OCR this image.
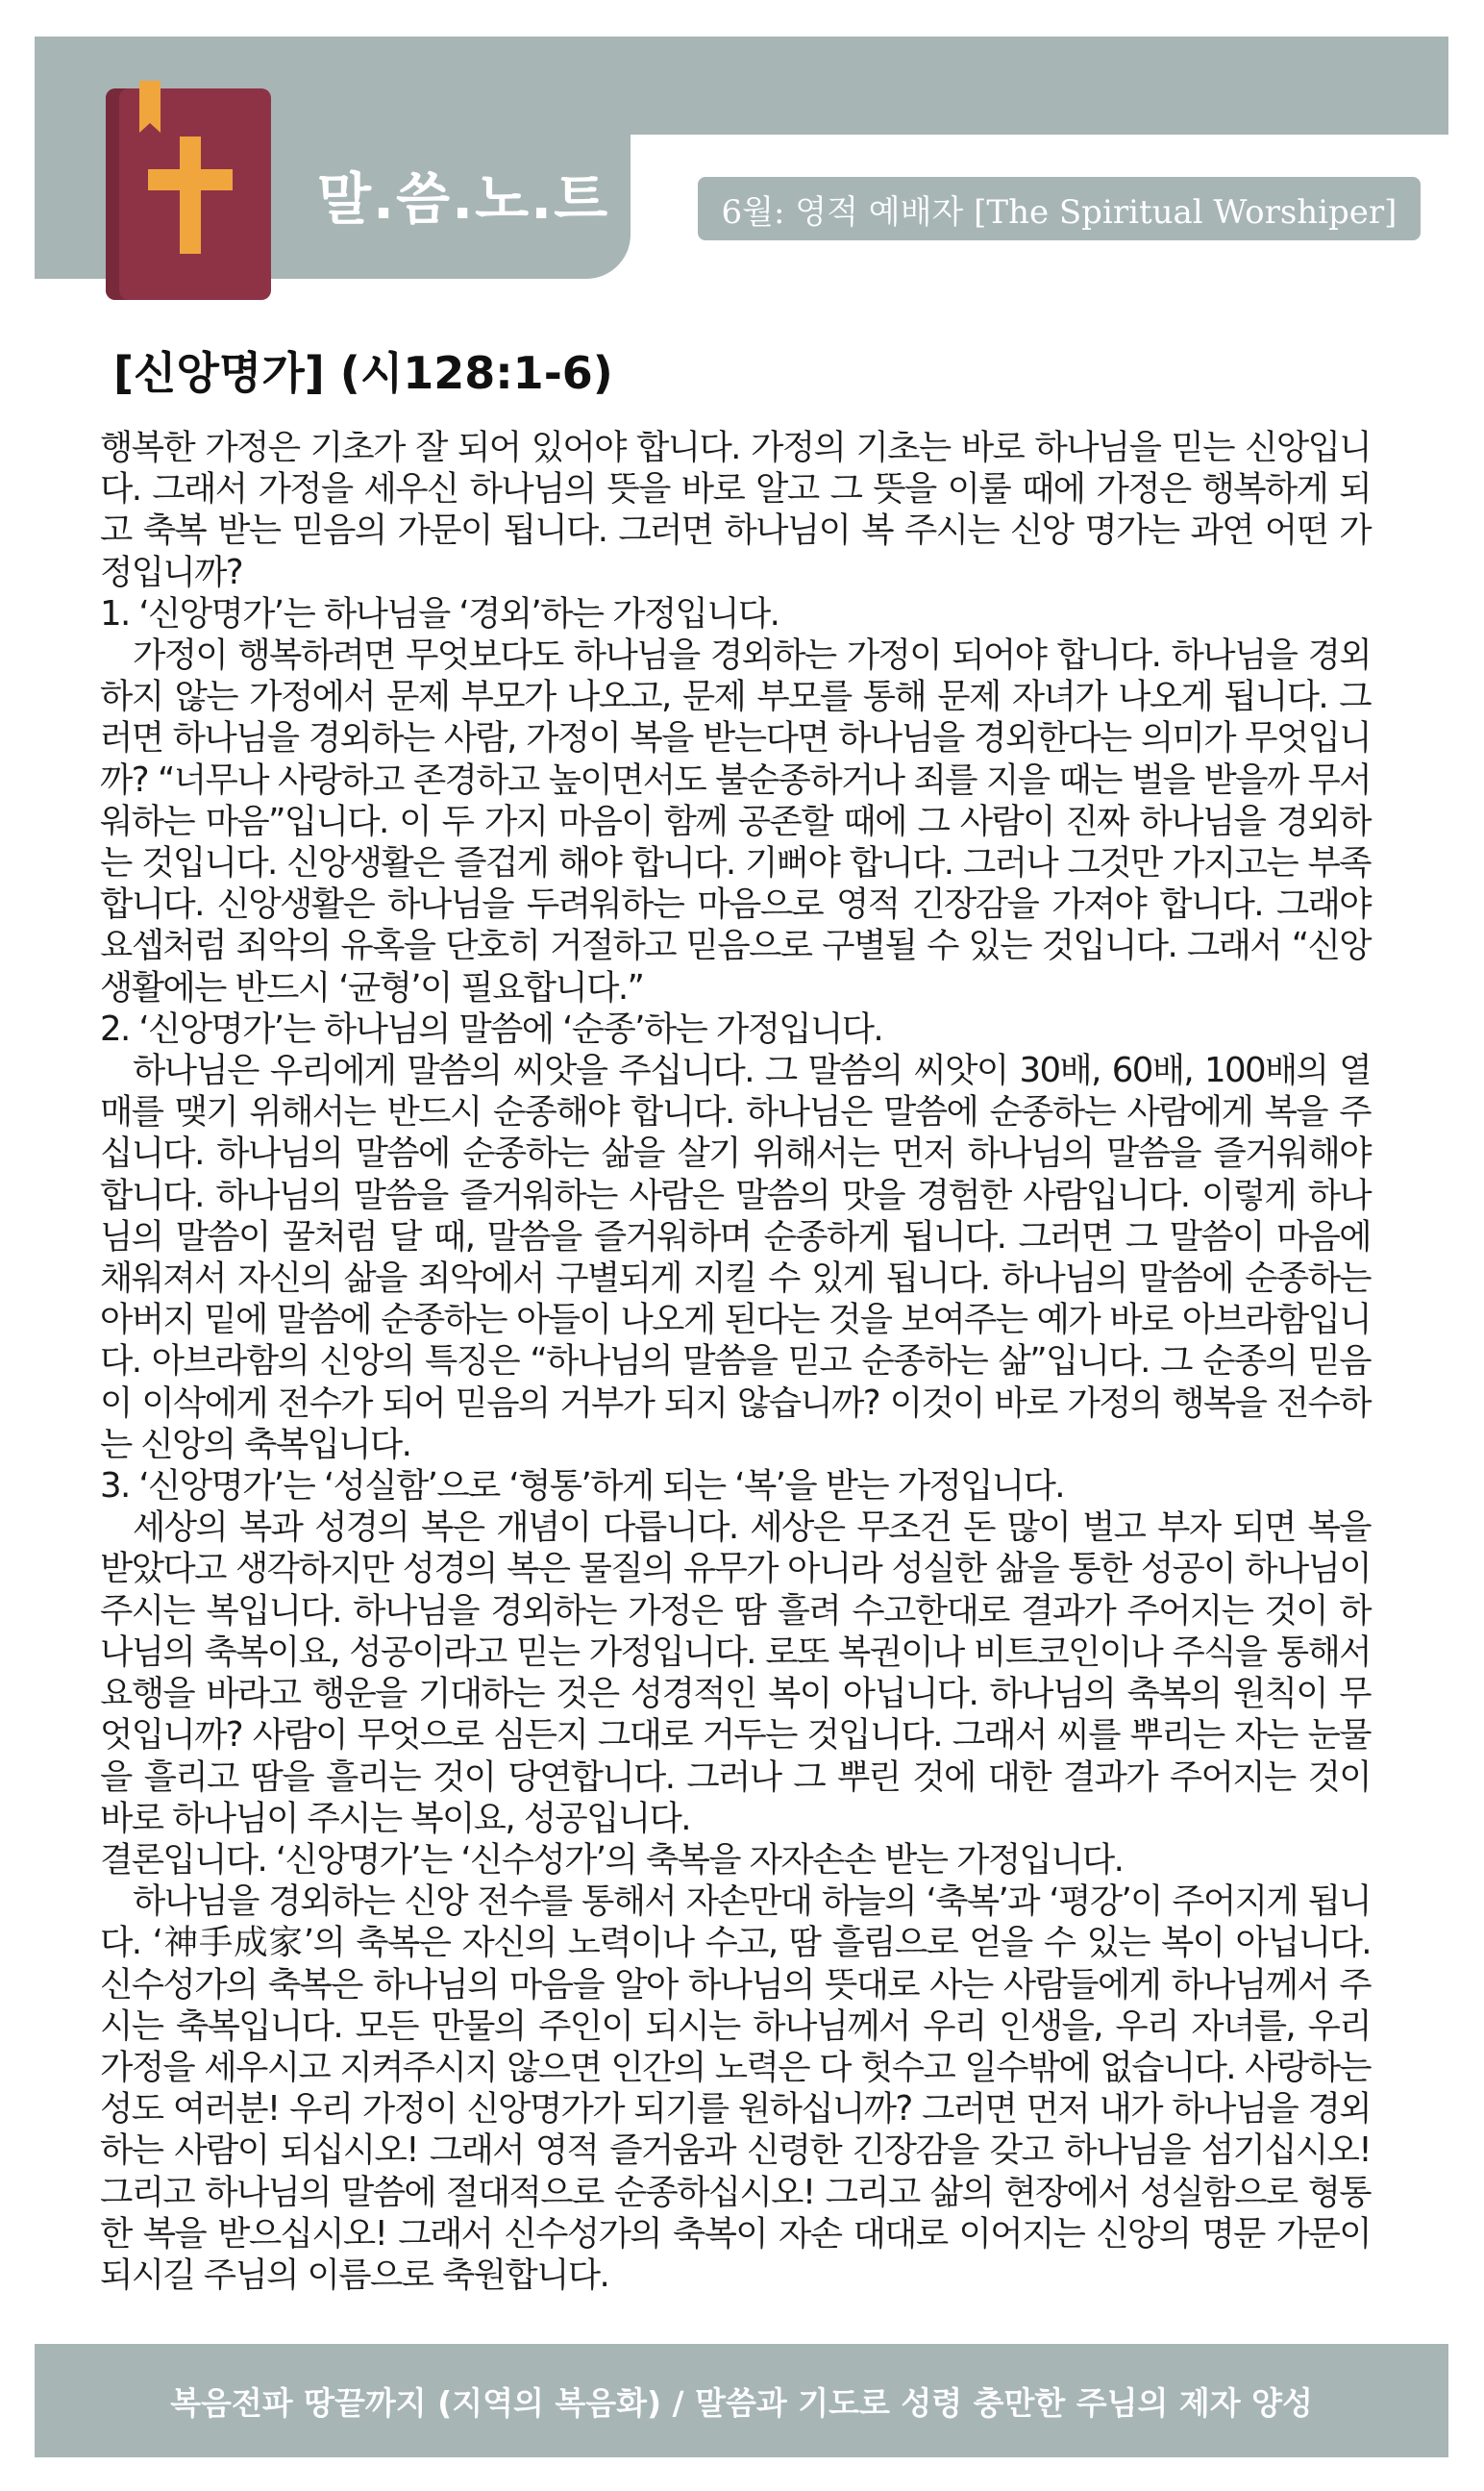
말.씀.노.트	6월: 영적 예배자 [The Spiritual Worshiper]
[신앙명가] (시128:1-6)

행복한 가정은 기초가 잘 되어 있어야 합니다. 가정의 기초는 바로 하나님을 믿는 신앙입니다. 그래서 가정을 세우신 하나님의 뜻을 바로 알고 그 뜻을 이룰 때에 가정은 행복하게 되고 축복 받는 믿음의 가문이 됩니다. 그러면 하나님이 복 주시는 신앙 명가는 과연 어떤 가정입니까?

1. ‘신앙명가’는 하나님을 ‘경외’하는 가정입니다.

가정이 행복하려면 무엇보다도 하나님을 경외하는 가정이 되어야 합니다. 하나님을 경외하지 않는 가정에서 문제 부모가 나오고, 문제 부모를 통해 문제 자녀가 나오게 됩니다. 그러면 하나님을 경외하는 사람, 가정이 복을 받는다면 하나님을 경외한다는 의미가 무엇입니까? “너무나 사랑하고 존경하고 높이면서도 불순종하거나 죄를 지을 때는 벌을 받을까 무서워하는 마음”입니다. 이 두 가지 마음이 함께 공존할 때에 그 사람이 진짜 하나님을 경외하는 것입니다. 신앙생활은 즐겁게 해야 합니다. 기뻐야 합니다. 그러나 그것만 가지고는 부족합니다. 신앙생활은 하나님을 두려워하는 마음으로 영적 긴장감을 가져야 합니다. 그래야 요셉처럼 죄악의 유혹을 단호히 거절하고 믿음으로 구별될 수 있는 것입니다. 그래서 “신앙생활에는 반드시 ‘균형’이 필요합니다.”

2. ‘신앙명가’는 하나님의 말씀에 ‘순종’하는 가정입니다.

하나님은 우리에게 말씀의 씨앗을 주십니다. 그 말씀의 씨앗이 30배, 60배, 100배의 열매를 맺기 위해서는 반드시 순종해야 합니다. 하나님은 말씀에 순종하는 사람에게 복을 주십니다. 하나님의 말씀에 순종하는 삶을 살기 위해서는 먼저 하나님의 말씀을 즐거워해야 합니다. 하나님의 말씀을 즐거워하는 사람은 말씀의 맛을 경험한 사람입니다. 이렇게 하나님의 말씀이 꿀처럼 달 때, 말씀을 즐거워하며 순종하게 됩니다. 그러면 그 말씀이 마음에 채워져서 자신의 삶을 죄악에서 구별되게 지킬 수 있게 됩니다. 하나님의 말씀에 순종하는 아버지 밑에 말씀에 순종하는 아들이 나오게 된다는 것을 보여주는 예가 바로 아브라함입니다. 아브라함의 신앙의 특징은 “하나님의 말씀을 믿고 순종하는 삶”입니다. 그 순종의 믿음이 이삭에게 전수가 되어 믿음의 거부가 되지 않습니까? 이것이 바로 가정의 행복을 전수하는 신앙의 축복입니다.

3. ‘신앙명가’는 ‘성실함’으로 ‘형통’하게 되는 ‘복’을 받는 가정입니다.

세상의 복과 성경의 복은 개념이 다릅니다. 세상은 무조건 돈 많이 벌고 부자 되면 복을 받았다고 생각하지만 성경의 복은 물질의 유무가 아니라 성실한 삶을 통한 성공이 하나님이 주시는 복입니다. 하나님을 경외하는 가정은 땀 흘려 수고한대로 결과가 주어지는 것이 하나님의 축복이요, 성공이라고 믿는 가정입니다. 로또 복권이나 비트코인이나 주식을 통해서 요행을 바라고 행운을 기대하는 것은 성경적인 복이 아닙니다. 하나님의 축복의 원칙이 무엇입니까? 사람이 무엇으로 심든지 그대로 거두는 것입니다. 그래서 씨를 뿌리는 자는 눈물을 흘리고 땀을 흘리는 것이 당연합니다. 그러나 그 뿌린 것에 대한 결과가 주어지는 것이 바로 하나님이 주시는 복이요, 성공입니다.

결론입니다. ‘신앙명가’는 ‘신수성가’의 축복을 자자손손 받는 가정입니다.

하나님을 경외하는 신앙 전수를 통해서 자손만대 하늘의 ‘축복’과 ‘평강’이 주어지게 됩니다. ‘神手成家’의 축복은 자신의 노력이나 수고, 땀 흘림으로 얻을 수 있는 복이 아닙니다. 신수성가의 축복은 하나님의 마음을 알아 하나님의 뜻대로 사는 사람들에게 하나님께서 주시는 축복입니다. 모든 만물의 주인이 되시는 하나님께서 우리 인생을, 우리 자녀를, 우리 가정을 세우시고 지켜주시지 않으면 인간의 노력은 다 헛수고 일수밖에 없습니다. 사랑하는 성도 여러분! 우리 가정이 신앙명가가 되기를 원하십니까? 그러면 먼저 내가 하나님을 경외하는 사람이 되십시오! 그래서 영적 즐거움과 신령한 긴장감을 갖고 하나님을 섬기십시오! 그리고 하나님의 말씀에 절대적으로 순종하십시오! 그리고 삶의 현장에서 성실함으로 형통한 복을 받으십시오! 그래서 신수성가의 축복이 자손 대대로 이어지는 신앙의 명문 가문이 되시길 주님의 이름으로 축원합니다.

복음전파 땅끝까지 (지역의 복음화) / 말씀과 기도로 성령 충만한 주님의 제자 양성
